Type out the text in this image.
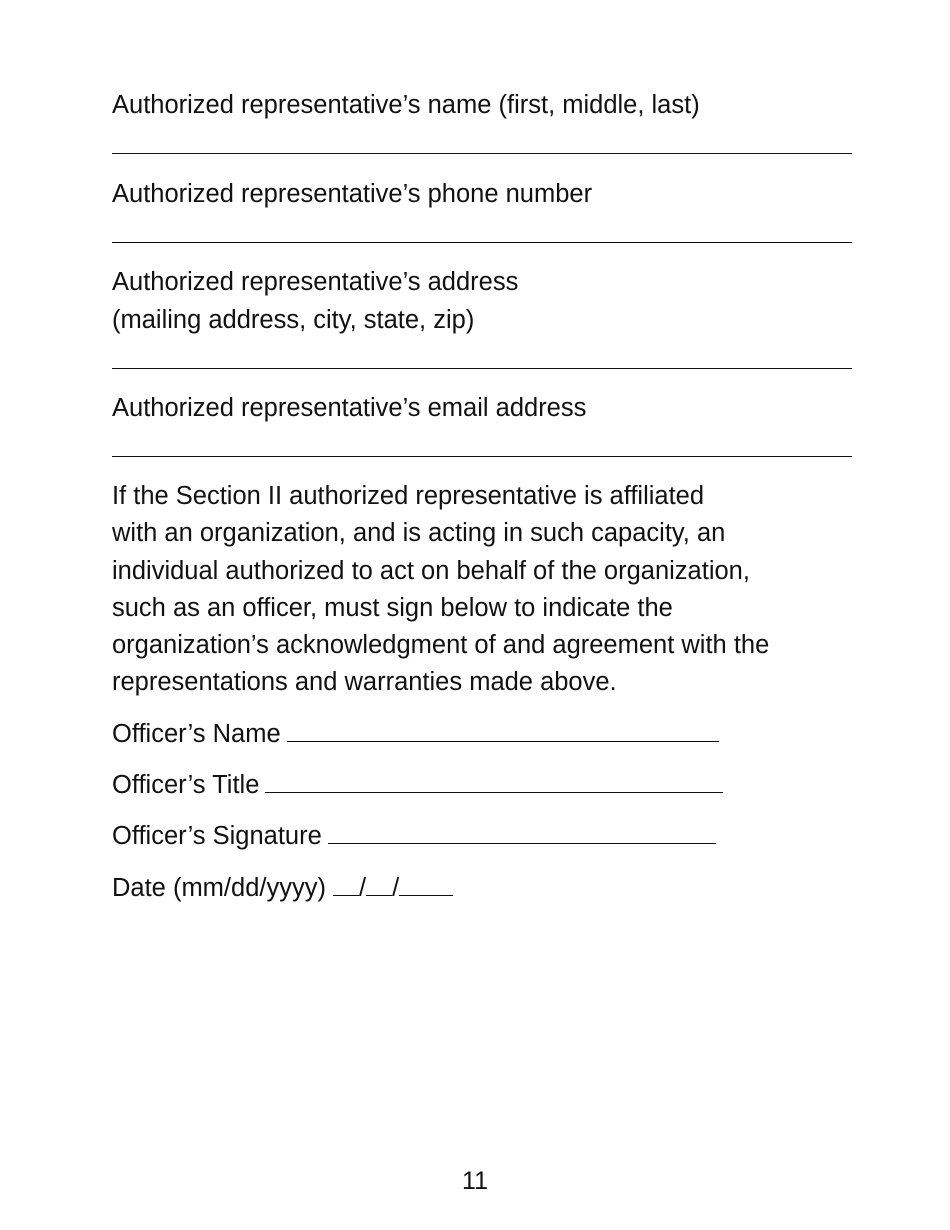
Authorized representative’s name (first, middle, last)
Authorized representative’s phone number
Authorized representative’s address
(mailing address, city, state, zip)
Authorized representative’s email address
If the Section II authorized representative is affiliated
with an organization, and is acting in such capacity, an
individual authorized to act on behalf of the organization,
such as an officer, must sign below to indicate the
organization’s acknowledgment of and agreement with the
representations and warranties made above.
Officer’s Name
Officer’s Title
Officer’s Signature
Date (mm/dd/yyyy) / /
11
